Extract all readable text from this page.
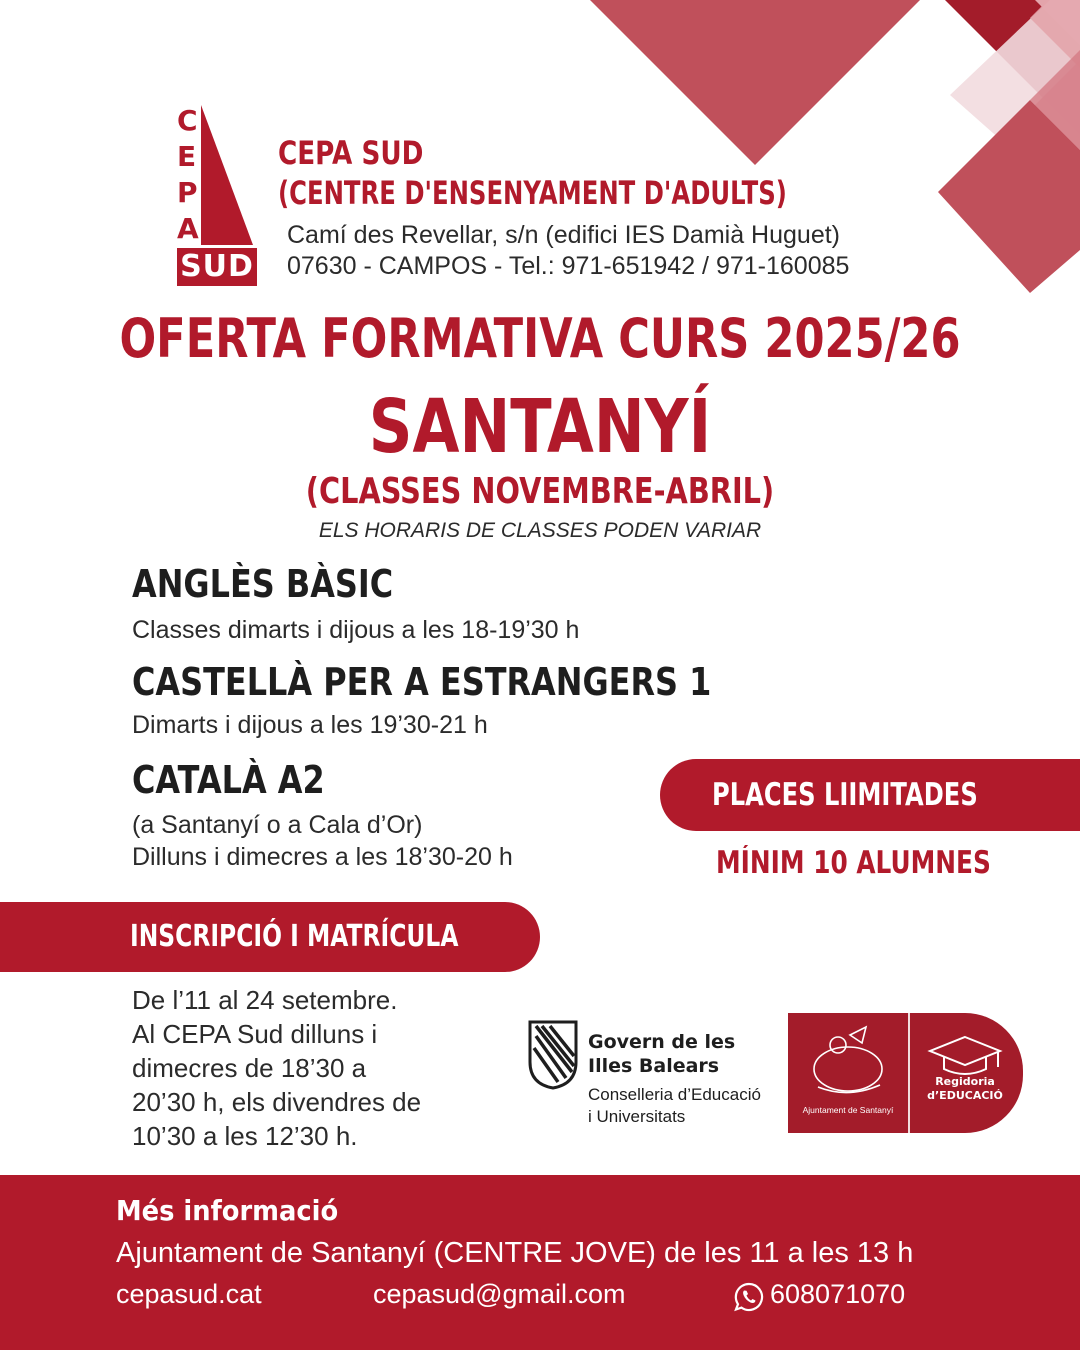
C
E
P
A
SUD
CEPA SUD
(CENTRE D'ENSENYAMENT D'ADULTS)
Camí des Revellar, s/n (edifici IES Damià Huguet)
07630 - CAMPOS - Tel.: 971-651942 / 971-160085
OFERTA FORMATIVA CURS 2025/26
SANTANYÍ
(CLASSES NOVEMBRE-ABRIL)
ELS HORARIS DE CLASSES PODEN VARIAR
ANGLÈS BÀSIC
Classes dimarts i dijous a les 18-19’30 h
CASTELLÀ PER A ESTRANGERS 1
Dimarts i dijous a les 19’30-21 h
CATALÀ A2
(a Santanyí o a Cala d’Or)
Dilluns i dimecres a les 18’30-20 h
PLACES LIIMITADES
MÍNIM 10 ALUMNES
INSCRIPCIÓ I MATRÍCULA
De l’11 al 24 setembre.
Al CEPA Sud dilluns i
dimecres de 18’30 a
20’30 h, els divendres de
10’30 a les 12’30 h.
Govern de les
Illes Balears
Conselleria d’Educació
i Universitats	Ajuntament de Santanyí
Regidoria
d’EDUCACIÓ
Més informació
Ajuntament de Santanyí (CENTRE JOVE) de les 11 a les 13 h
cepasud.cat	cepasud@gmail.com	608071070
